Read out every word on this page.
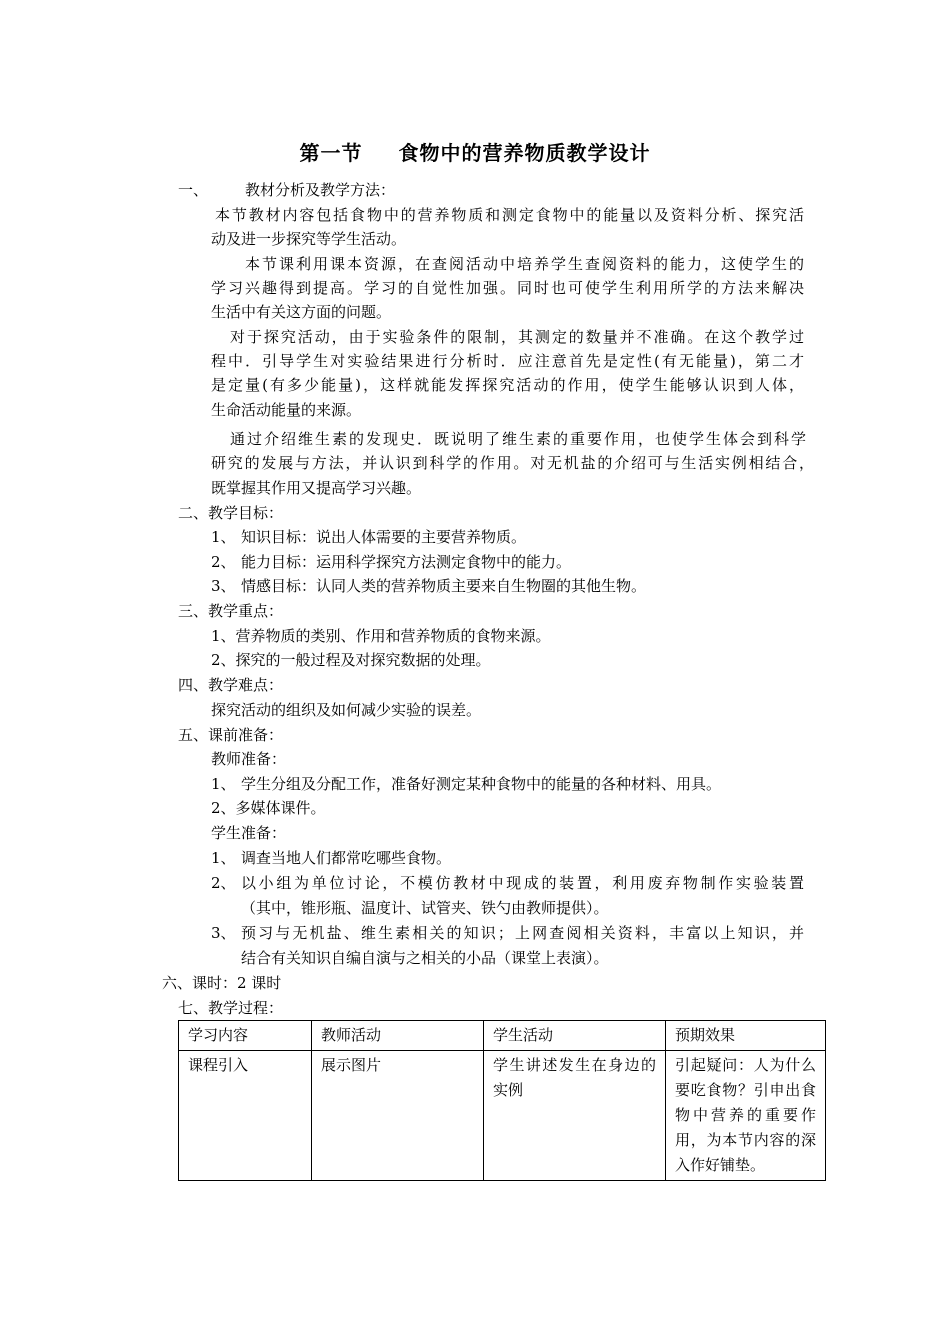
第一节 食物中的营养物质教学设计
一、 教材分析及教学方法：
本节教材内容包括食物中的营养物质和测定食物中的能量以及资料分析、探究活
动及进一步探究等学生活动。
本节课利用课本资源，在查阅活动中培养学生查阅资料的能力，这使学生的
学习兴趣得到提高。学习的自觉性加强。同时也可使学生利用所学的方法来解决
生活中有关这方面的问题。
对于探究活动，由于实验条件的限制，其测定的数量并不准确。在这个教学过
程中．引导学生对实验结果进行分析时．应注意首先是定性(有无能量)，第二才
是定量(有多少能量)，这样就能发挥探究活动的作用，使学生能够认识到人体，
生命活动能量的来源。
通过介绍维生素的发现史．既说明了维生素的重要作用，也使学生体会到科学
研究的发展与方法，并认识到科学的作用。对无机盐的介绍可与生活实例相结合，
既掌握其作用又提高学习兴趣。
二、教学目标：
1、 知识目标：说出人体需要的主要营养物质。
2、 能力目标：运用科学探究方法测定食物中的能力。
3、 情感目标：认同人类的营养物质主要来自生物圈的其他生物。
三、教学重点：
1、营养物质的类别、作用和营养物质的食物来源。
2、探究的一般过程及对探究数据的处理。
四、教学难点：
探究活动的组织及如何减少实验的误差。
五、课前准备：
教师准备：
1、 学生分组及分配工作，准备好测定某种食物中的能量的各种材料、用具。
2、多媒体课件。
学生准备：
1、 调查当地人们都常吃哪些食物。
2、 以小组为单位讨论，不模仿教材中现成的装置，利用废弃物制作实验装置
（其中，锥形瓶、温度计、试管夹、铁勺由教师提供）。
3、 预习与无机盐、维生素相关的知识；上网查阅相关资料，丰富以上知识，并
结合有关知识自编自演与之相关的小品（课堂上表演）。
六、课时：2 课时
七、教学过程：
学习内容	教师活动	学生活动	预期效果
课程引入	展示图片	学生讲述发生在身边的实例	引起疑问：人为什么要吃食物？引申出食物中营养的重要作用，为本节内容的深入作好铺垫。
